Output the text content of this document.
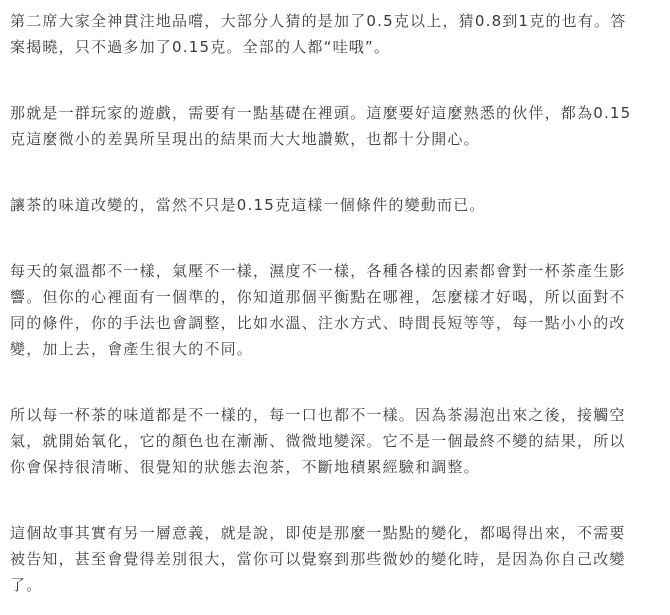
第二席大家全神貫注地品嚐，大部分人猜的是加了0.5克以上，猜0.8到1克的也有。答
案揭曉，只不過多加了0.15克。全部的人都“哇哦”。
那就是一群玩家的遊戲，需要有一點基礎在裡頭。這麼要好這麼熟悉的伙伴，都為0.15
克這麼微小的差異所呈現出的結果而大大地讚歎，也都十分開心。
讓茶的味道改變的，當然不只是0.15克這樣一個條件的變動而已。
每天的氣溫都不一樣，氣壓不一樣，濕度不一樣，各種各樣的因素都會對一杯茶產生影
響。但你的心裡面有一個準的，你知道那個平衡點在哪裡，怎麼樣才好喝，所以面對不
同的條件，你的手法也會調整，比如水溫、注水方式、時間長短等等，每一點小小的改
變，加上去，會產生很大的不同。
所以每一杯茶的味道都是不一樣的，每一口也都不一樣。因為茶湯泡出來之後，接觸空
氣，就開始氧化，它的顏色也在漸漸、微微地變深。它不是一個最終不變的結果，所以
你會保持很清晰、很覺知的狀態去泡茶，不斷地積累經驗和調整。
這個故事其實有另一層意義，就是說，即使是那麼一點點的變化，都喝得出來，不需要
被告知，甚至會覺得差別很大，當你可以覺察到那些微妙的變化時，是因為你自己改變
了。
